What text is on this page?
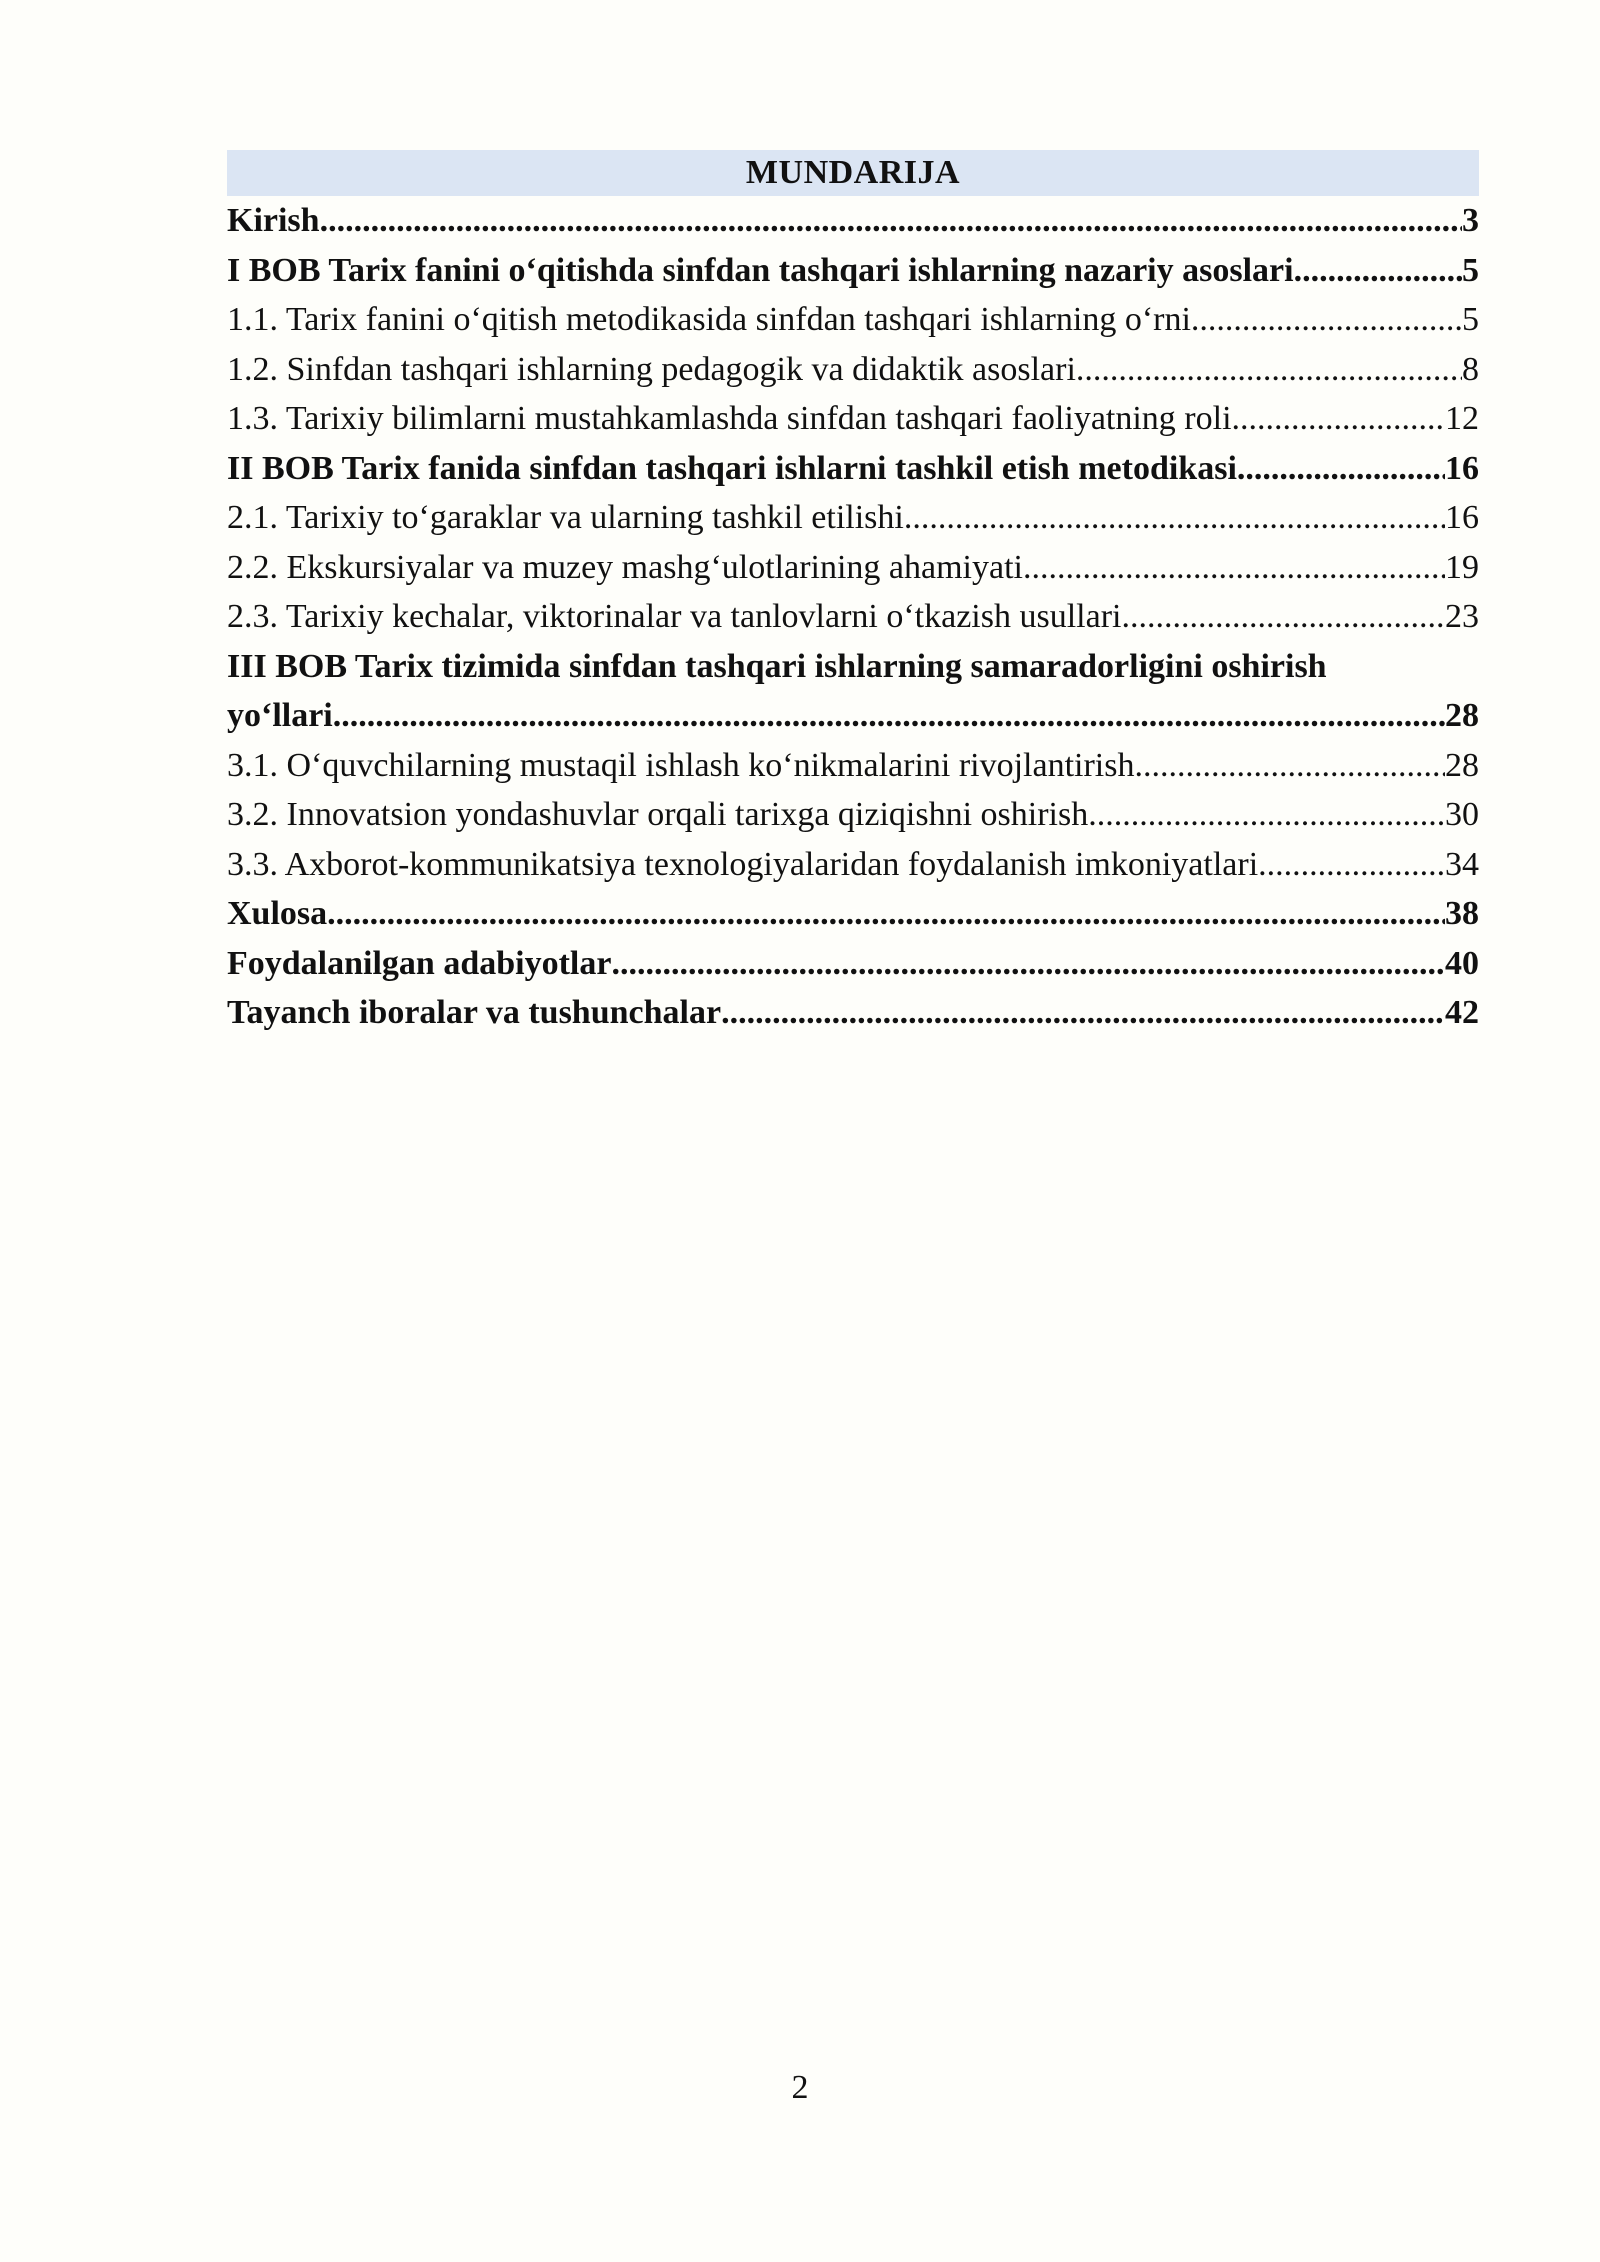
MUNDARIJA
Kirish .....	3
I BOB Tarix fanini o‘qitishda sinfdan tashqari ishlarning nazariy asoslari .....	5
1.1. Tarix fanini o‘qitish metodikasida sinfdan tashqari ishlarning o‘rni .....	5
1.2. Sinfdan tashqari ishlarning pedagogik va didaktik asoslari .....	8
1.3. Tarixiy bilimlarni mustahkamlashda sinfdan tashqari faoliyatning roli .....	12
II BOB Tarix fanida sinfdan tashqari ishlarni tashkil etish metodikasi .....	16
2.1. Tarixiy to‘garaklar va ularning tashkil etilishi .....	16
2.2. Ekskursiyalar va muzey mashg‘ulotlarining ahamiyati .....	19
2.3. Tarixiy kechalar, viktorinalar va tanlovlarni o‘tkazish usullari .....	23
III BOB Tarix tizimida sinfdan tashqari ishlarning samaradorligini oshirish
yo‘llari .....	28
3.1. O‘quvchilarning mustaqil ishlash ko‘nikmalarini rivojlantirish .....	28
3.2. Innovatsion yondashuvlar orqali tarixga qiziqishni oshirish .....	30
3.3. Axborot-kommunikatsiya texnologiyalaridan foydalanish imkoniyatlari .....	34
Xulosa .....	38
Foydalanilgan adabiyotlar .....	40
Tayanch iboralar va tushunchalar .....	42
2
